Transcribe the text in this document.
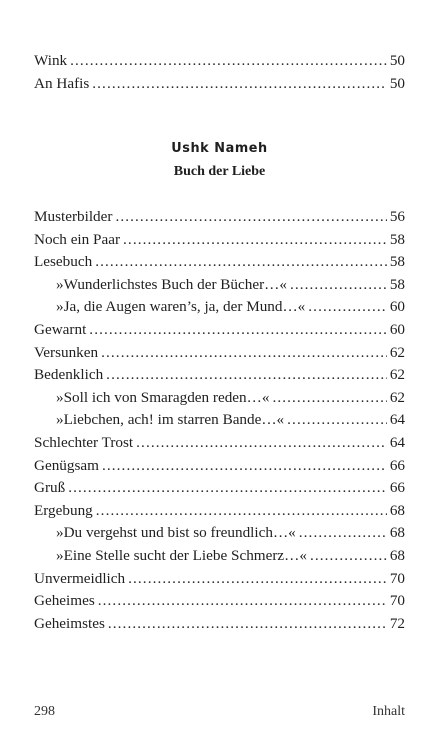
Wink .....	50
An Hafis .....	50
Ushk Nameh
Buch der Liebe
Musterbilder .....	56
Noch ein Paar .....	58
Lesebuch .....	58
»Wunderlichstes Buch der Bücher…« .....	58
»Ja, die Augen waren’s, ja, der Mund…« .....	60
Gewarnt .....	60
Versunken .....	62
Bedenklich .....	62
»Soll ich von Smaragden reden…« .....	62
»Liebchen, ach! im starren Bande…« .....	64
Schlechter Trost .....	64
Genügsam .....	66
Gruß .....	66
Ergebung .....	68
»Du vergehst und bist so freundlich…« .....	68
»Eine Stelle sucht der Liebe Schmerz…« .....	68
Unvermeidlich .....	70
Geheimes .....	70
Geheimstes .....	72
298	Inhalt
